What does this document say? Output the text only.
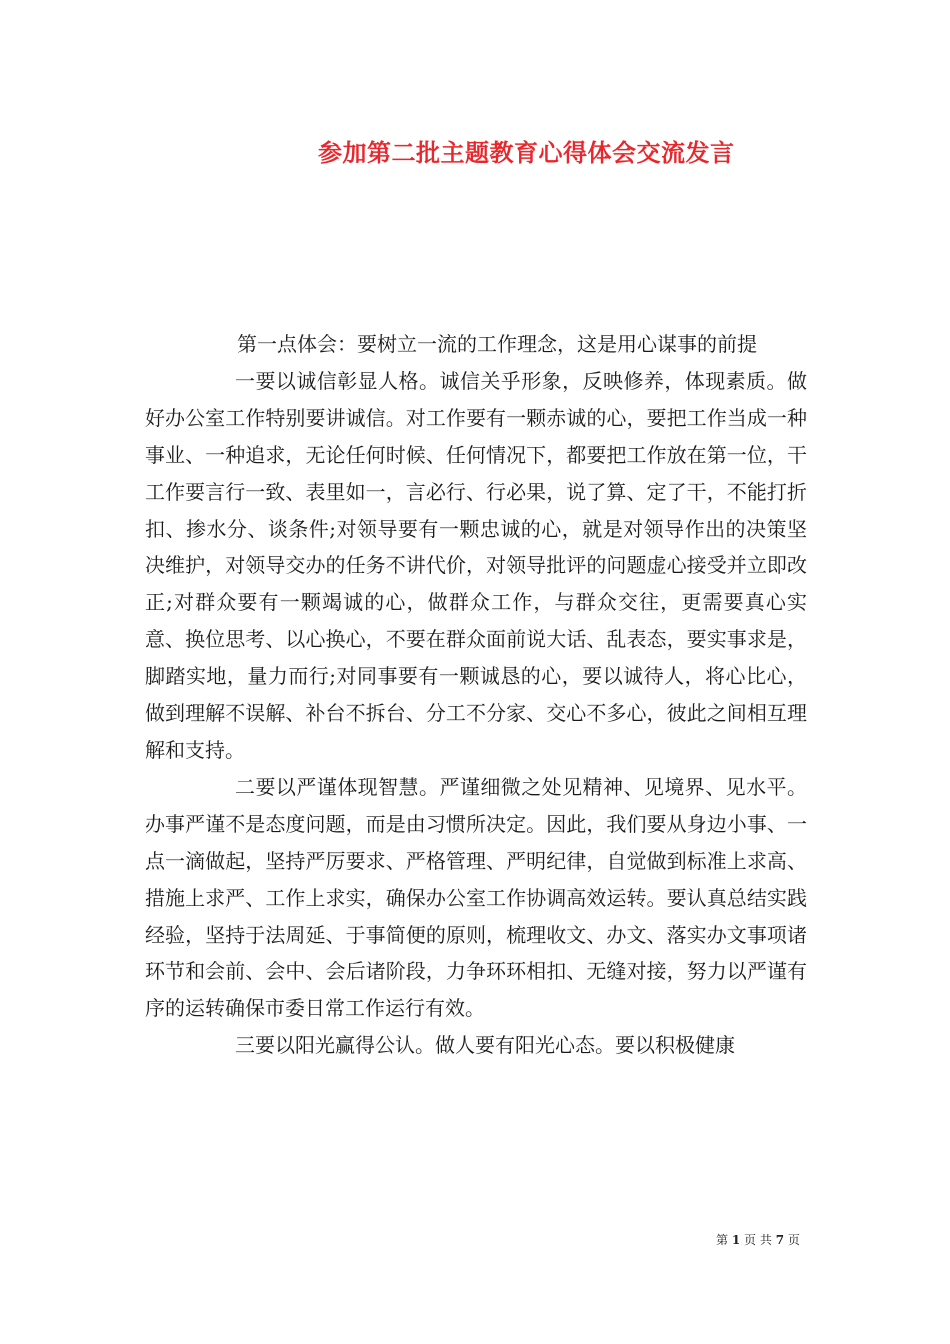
参加第二批主题教育心得体会交流发言

第一点体会：要树立一流的工作理念，这是用心谋事的前提

一要以诚信彰显人格。诚信关乎形象，反映修养，体现素质。做好办公室工作特别要讲诚信。对工作要有一颗赤诚的心，要把工作当成一种事业、一种追求，无论任何时候、任何情况下，都要把工作放在第一位，干工作要言行一致、表里如一，言必行、行必果，说了算、定了干，不能打折扣、掺水分、谈条件;对领导要有一颗忠诚的心，就是对领导作出的决策坚决维护，对领导交办的任务不讲代价，对领导批评的问题虚心接受并立即改正;对群众要有一颗竭诚的心，做群众工作，与群众交往，更需要真心实意、换位思考、以心换心，不要在群众面前说大话、乱表态，要实事求是，脚踏实地，量力而行;对同事要有一颗诚恳的心，要以诚待人，将心比心，做到理解不误解、补台不拆台、分工不分家、交心不多心，彼此之间相互理解和支持。

二要以严谨体现智慧。严谨细微之处见精神、见境界、见水平。办事严谨不是态度问题，而是由习惯所决定。因此，我们要从身边小事、一点一滴做起，坚持严厉要求、严格管理、严明纪律，自觉做到标准上求高、措施上求严、工作上求实，确保办公室工作协调高效运转。要认真总结实践经验，坚持于法周延、于事简便的原则，梳理收文、办文、落实办文事项诸环节和会前、会中、会后诸阶段，力争环环相扣、无缝对接，努力以严谨有序的运转确保市委日常工作运行有效。

三要以阳光赢得公认。做人要有阳光心态。要以积极健康

第 1 页 共 7 页
